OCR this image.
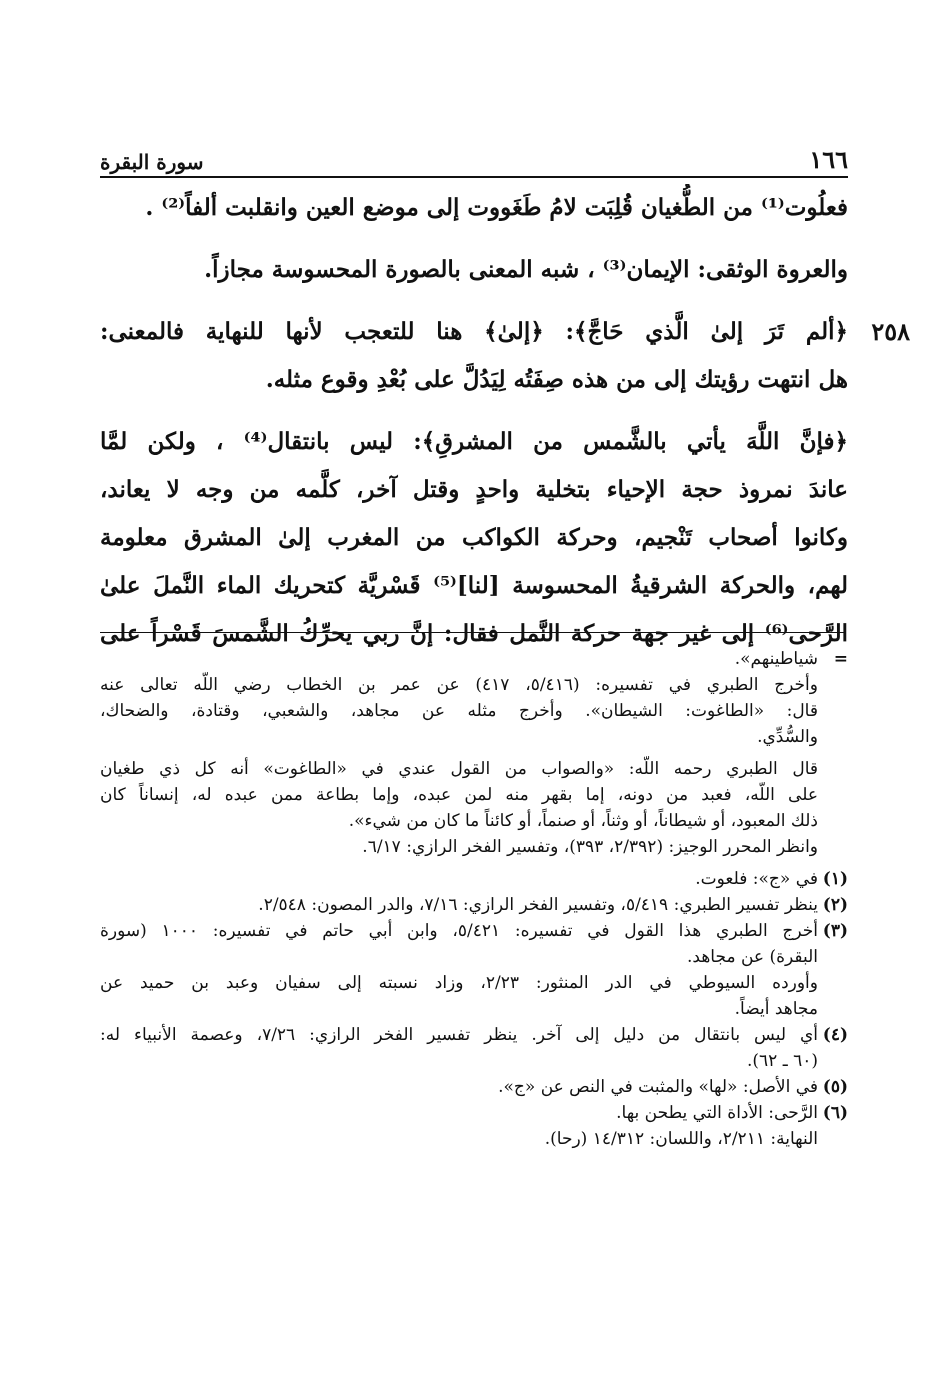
١٦٦
سورة البقرة
فعلُوت⁽¹⁾ من الطُّغيان قُلِبَت لامُ طَغَووت إلى موضع العين وانقلبت ألفاً⁽²⁾ .
والعروة الوثقى: الإيمان⁽³⁾ ، شبه المعنى بالصورة المحسوسة مجازاً.
٢٥٨
﴿ألم تَرَ إلىٰ الَّذي حَاجَّ﴾: ﴿إلىٰ﴾ هنا للتعجب لأنها للنهاية فالمعنى:
هل انتهت رؤيتك إلى من هذه صِفَتُه لِيَدُلَّ على بُعْدِ وقوع مثله.
﴿فإنَّ اللَّهَ يأتي بالشَّمس من المشرقِ﴾: ليس بانتقال⁽⁴⁾ ، ولكن لمَّا
عاندَ نمروذ حجة الإحياء بتخلية واحدٍ وقتل آخر، كلَّمه من وجه لا يعاند،
وكانوا أصحاب تَنْجيم، وحركة الكواكب من المغرب إلىٰ المشرق معلومة
لهم، والحركة الشرقيةُ المحسوسة [لنا]⁽⁵⁾ قَسْريَّة كتحريك الماء النَّملَ علىٰ
الرَّحى⁽⁶⁾ إلى غير جهة حركة النَّمل فقال: إنَّ ربي يحرِّكُ الشَّمسَ قَسْراً على
=
شياطينهم».
وأخرج الطبري في تفسيره: (٥/٤١٦، ٤١٧) عن عمر بن الخطاب رضي اللَّه تعالى عنه
قال: «الطاغوت: الشيطان». وأخرج مثله عن مجاهد، والشعبي، وقتادة، والضحاك،
والسُّدِّي.
قال الطبري رحمه اللَّه: «والصواب من القول عندي في «الطاغوت» أنه كل ذي طغيان
على اللَّه، فعبد من دونه، إما بقهر منه لمن عبده، وإما بطاعة ممن عبده له، إنساناً كان
ذلك المعبود، أو شيطاناً، أو وثناً، أو صنماً، أو كائناً ما كان من شيء».
وانظر المحرر الوجيز: (٢/٣٩٢، ٣٩٣)، وتفسير الفخر الرازي: ٦/١٧.
(١)
في «ج»: فلعوت.
(٢)
ينظر تفسير الطبري: ٥/٤١٩، وتفسير الفخر الرازي: ٧/١٦، والدر المصون: ٢/٥٤٨.
(٣)
أخرج الطبري هذا القول في تفسيره: ٥/٤٢١، وابن أبي حاتم في تفسيره: ١٠٠٠ (سورة
البقرة) عن مجاهد.
وأورده السيوطي في الدر المنثور: ٢/٢٣، وزاد نسبته إلى سفيان وعبد بن حميد عن
مجاهد أيضاً.
(٤)
أي ليس بانتقال من دليل إلى آخر. ينظر تفسير الفخر الرازي: ٧/٢٦، وعصمة الأنبياء له:
(٦٠ ـ ٦٢).
(٥)
في الأصل: «لها» والمثبت في النص عن «ج».
(٦)
الرَّحى: الأداة التي يطحن بها.
النهاية: ٢/٢١١، واللسان: ١٤/٣١٢ (رحا).
